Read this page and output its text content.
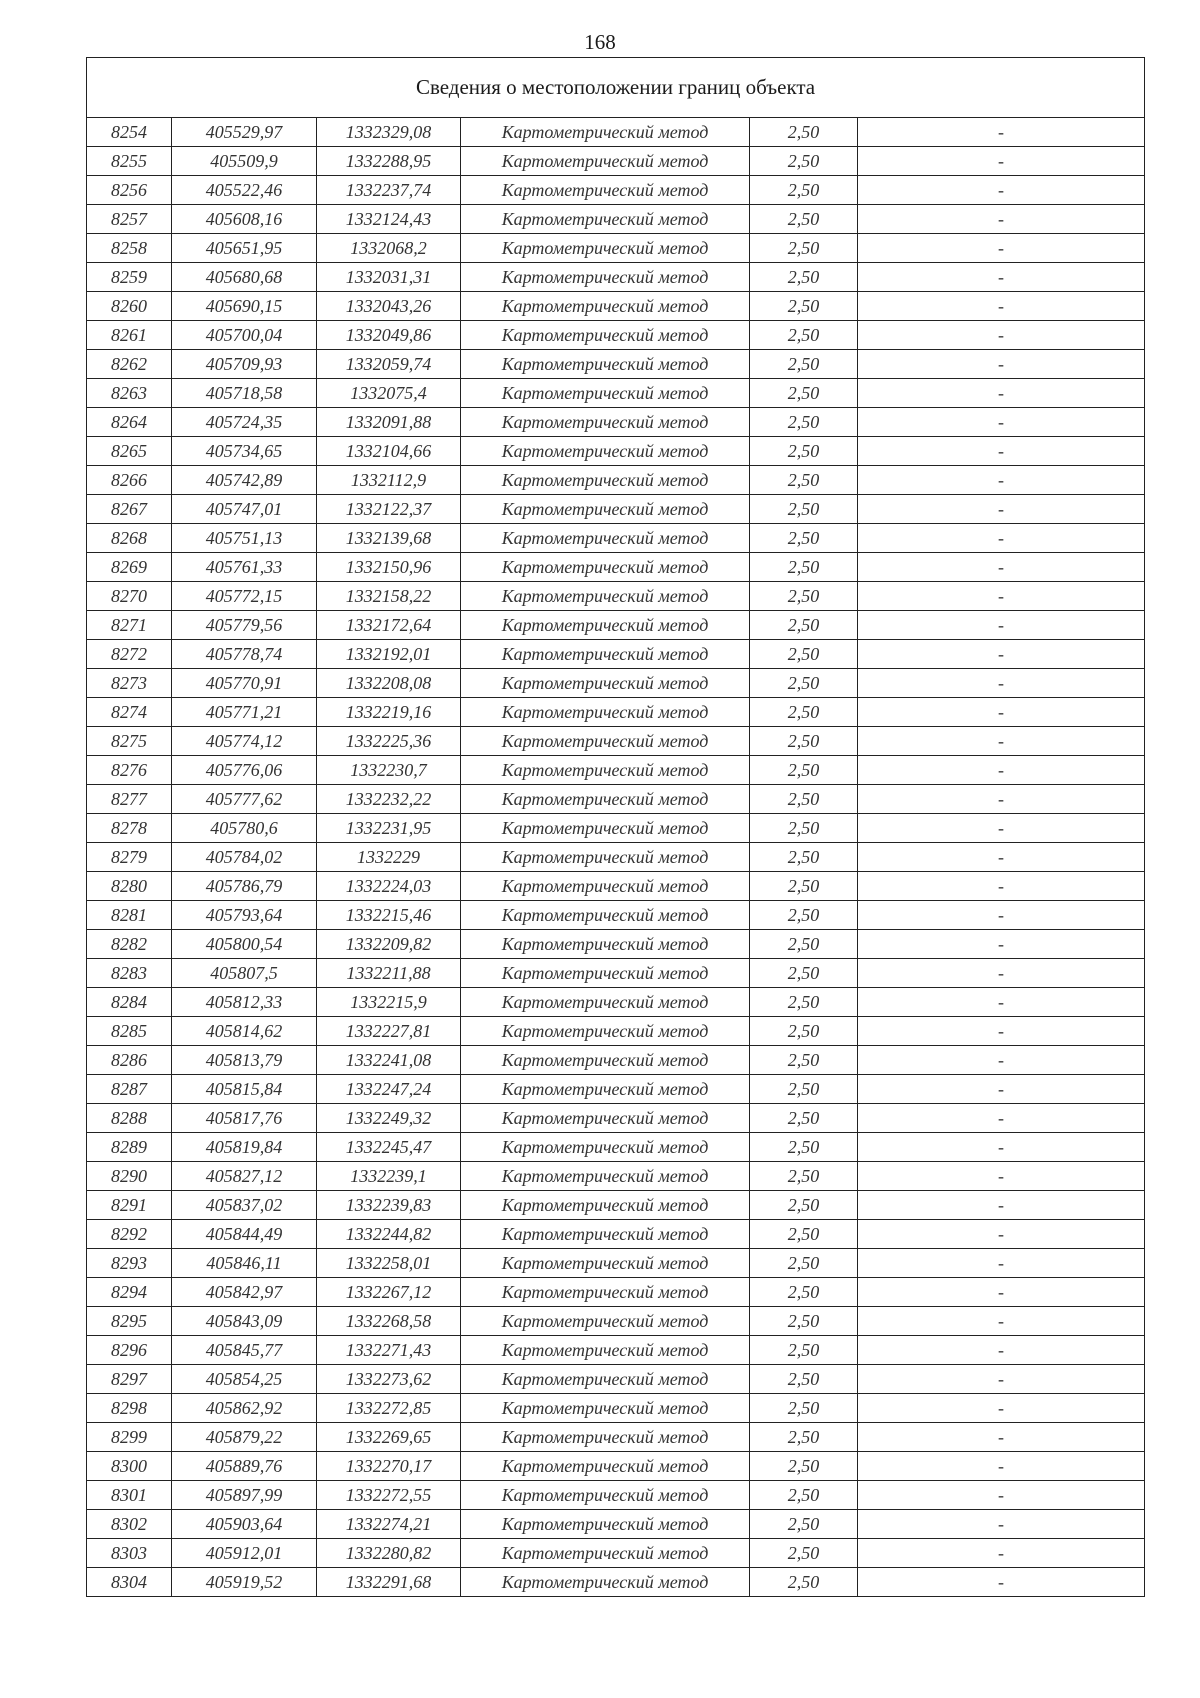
168
Сведения о местоположении границ объекта					
8254	405529,97	1332329,08	Картометрический метод	2,50	-
8255	405509,9	1332288,95	Картометрический метод	2,50	-
8256	405522,46	1332237,74	Картометрический метод	2,50	-
8257	405608,16	1332124,43	Картометрический метод	2,50	-
8258	405651,95	1332068,2	Картометрический метод	2,50	-
8259	405680,68	1332031,31	Картометрический метод	2,50	-
8260	405690,15	1332043,26	Картометрический метод	2,50	-
8261	405700,04	1332049,86	Картометрический метод	2,50	-
8262	405709,93	1332059,74	Картометрический метод	2,50	-
8263	405718,58	1332075,4	Картометрический метод	2,50	-
8264	405724,35	1332091,88	Картометрический метод	2,50	-
8265	405734,65	1332104,66	Картометрический метод	2,50	-
8266	405742,89	1332112,9	Картометрический метод	2,50	-
8267	405747,01	1332122,37	Картометрический метод	2,50	-
8268	405751,13	1332139,68	Картометрический метод	2,50	-
8269	405761,33	1332150,96	Картометрический метод	2,50	-
8270	405772,15	1332158,22	Картометрический метод	2,50	-
8271	405779,56	1332172,64	Картометрический метод	2,50	-
8272	405778,74	1332192,01	Картометрический метод	2,50	-
8273	405770,91	1332208,08	Картометрический метод	2,50	-
8274	405771,21	1332219,16	Картометрический метод	2,50	-
8275	405774,12	1332225,36	Картометрический метод	2,50	-
8276	405776,06	1332230,7	Картометрический метод	2,50	-
8277	405777,62	1332232,22	Картометрический метод	2,50	-
8278	405780,6	1332231,95	Картометрический метод	2,50	-
8279	405784,02	1332229	Картометрический метод	2,50	-
8280	405786,79	1332224,03	Картометрический метод	2,50	-
8281	405793,64	1332215,46	Картометрический метод	2,50	-
8282	405800,54	1332209,82	Картометрический метод	2,50	-
8283	405807,5	1332211,88	Картометрический метод	2,50	-
8284	405812,33	1332215,9	Картометрический метод	2,50	-
8285	405814,62	1332227,81	Картометрический метод	2,50	-
8286	405813,79	1332241,08	Картометрический метод	2,50	-
8287	405815,84	1332247,24	Картометрический метод	2,50	-
8288	405817,76	1332249,32	Картометрический метод	2,50	-
8289	405819,84	1332245,47	Картометрический метод	2,50	-
8290	405827,12	1332239,1	Картометрический метод	2,50	-
8291	405837,02	1332239,83	Картометрический метод	2,50	-
8292	405844,49	1332244,82	Картометрический метод	2,50	-
8293	405846,11	1332258,01	Картометрический метод	2,50	-
8294	405842,97	1332267,12	Картометрический метод	2,50	-
8295	405843,09	1332268,58	Картометрический метод	2,50	-
8296	405845,77	1332271,43	Картометрический метод	2,50	-
8297	405854,25	1332273,62	Картометрический метод	2,50	-
8298	405862,92	1332272,85	Картометрический метод	2,50	-
8299	405879,22	1332269,65	Картометрический метод	2,50	-
8300	405889,76	1332270,17	Картометрический метод	2,50	-
8301	405897,99	1332272,55	Картометрический метод	2,50	-
8302	405903,64	1332274,21	Картометрический метод	2,50	-
8303	405912,01	1332280,82	Картометрический метод	2,50	-
8304	405919,52	1332291,68	Картометрический метод	2,50	-
